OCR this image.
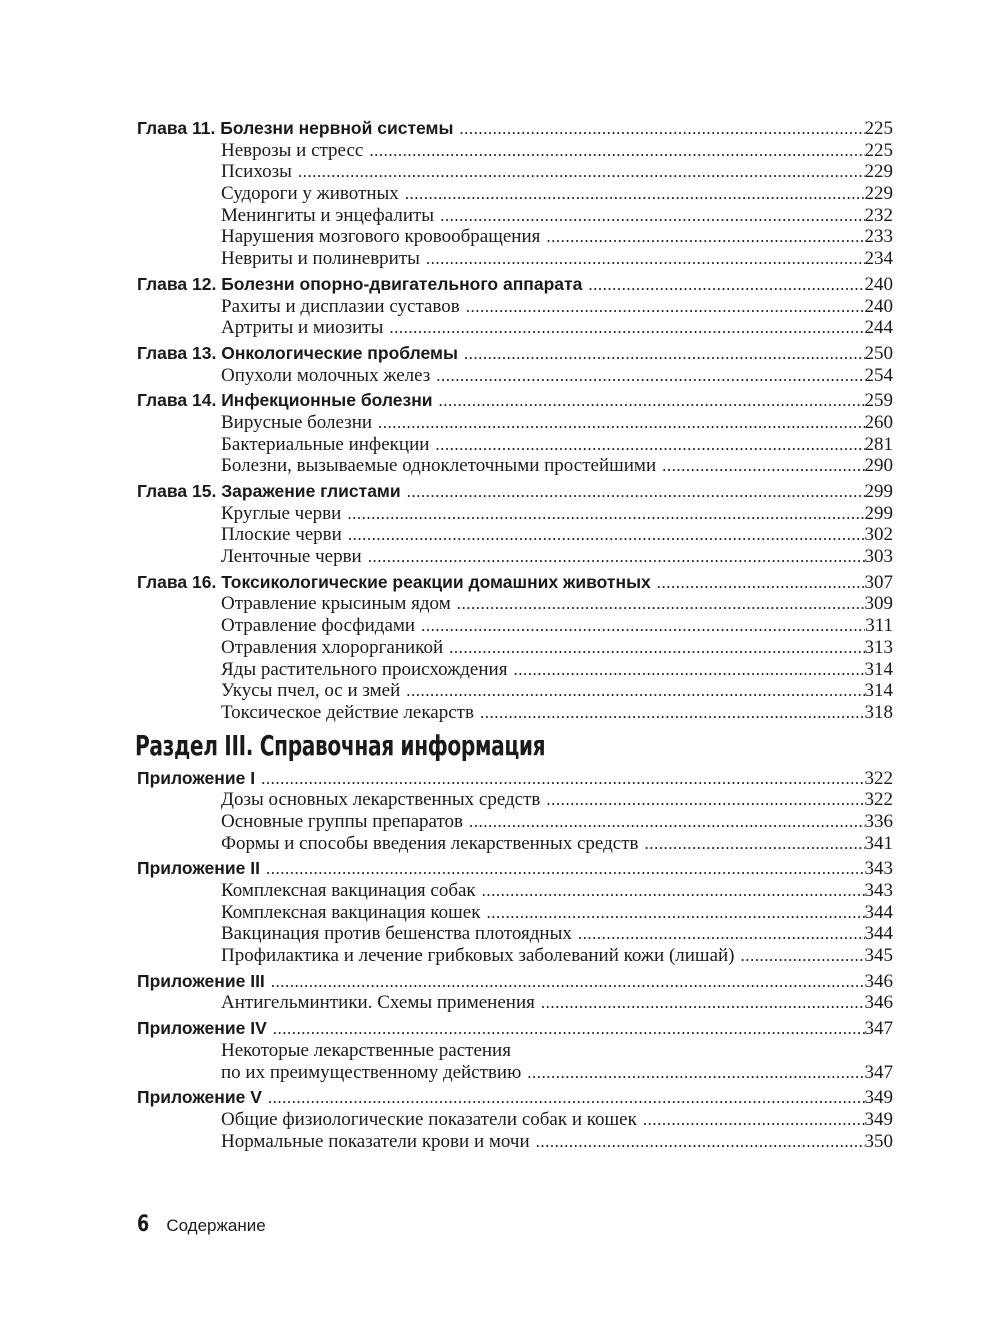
Глава 11. Болезни нервной системы .....	225
Неврозы и стресс .....	225
Психозы .....	229
Судороги у животных .....	229
Менингиты и энцефалиты .....	232
Нарушения мозгового кровообращения .....	233
Невриты и полиневриты .....	234
Глава 12. Болезни опорно-двигательного аппарата .....	240
Рахиты и дисплазии суставов .....	240
Артриты и миозиты .....	244
Глава 13. Онкологические проблемы .....	250
Опухоли молочных желез .....	254
Глава 14. Инфекционные болезни .....	259
Вирусные болезни .....	260
Бактериальные инфекции .....	281
Болезни, вызываемые одноклеточными простейшими .....	290
Глава 15. Заражение глистами .....	299
Круглые черви .....	299
Плоские черви .....	302
Ленточные черви .....	303
Глава 16. Токсикологические реакции домашних животных .....	307
Отравление крысиным ядом .....	309
Отравление фосфидами .....	311
Отравления хлорорганикой .....	313
Яды растительного происхождения .....	314
Укусы пчел, ос и змей .....	314
Токсическое действие лекарств .....	318
Раздел III. Справочная информация
Приложение I .....	322
Дозы основных лекарственных средств .....	322
Основные группы препаратов .....	336
Формы и способы введения лекарственных средств .....	341
Приложение II .....	343
Комплексная вакцинация собак .....	343
Комплексная вакцинация кошек .....	344
Вакцинация против бешенства плотоядных .....	344
Профилактика и лечение грибковых заболеваний кожи (лишай) .....	345
Приложение III .....	346
Антигельминтики. Схемы применения .....	346
Приложение IV .....	347
Некоторые лекарственные растения
по их преимущественному действию .....	347
Приложение V .....	349
Общие физиологические показатели собак и кошек .....	349
Нормальные показатели крови и мочи .....	350
6 Содержание
